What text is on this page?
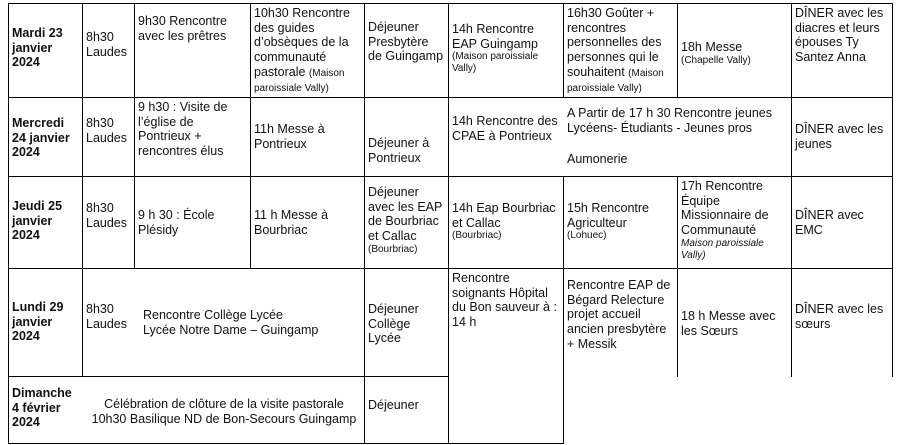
Mardi 23 janvier 2024
8h30 Laudes
9h30 Rencontre avec les prêtres
10h30 Rencontre des guides d’obsèques de la communauté pastorale (Maison paroissiale Vally)
Déjeuner Presbytère de Guingamp
14h Rencontre EAP Guingamp
(Maison paroissiale Vally)
16h30 Goûter + rencontres personnelles des personnes qui le souhaitent (Maison paroissiale Vally)
18h Messe
(Chapelle Vally)
DÎNER avec les diacres et leurs épouses Ty Santez Anna
Mercredi 24 janvier 2024
8h30 Laudes
9 h30 : Visite de l’église de Pontrieux + rencontres élus
11h Messe à Pontrieux	Déjeuner à Pontrieux
14h Rencontre des CPAE à Pontrieux
A Partir de 17 h 30 Rencontre jeunes Lycéens- Étudiants - Jeunes pros
Aumonerie
DÎNER avec les jeunes
Jeudi 25 janvier 2024
8h30 Laudes
9 h 30 : École Plésidy
11 h Messe à Bourbriac
Déjeuner avec les EAP de Bourbriac et Callac
(Bourbriac)
14h Eap Bourbriac et Callac
(Bourbriac)
15h Rencontre Agriculteur
(Lohuec)
17h Rencontre Équipe Missionnaire de Communauté
Maison paroissiale Vally)
DÎNER avec EMC
Lundi 29 janvier 2024
8h30 Laudes
Rencontre Collège Lycée
Lycée Notre Dame – Guingamp
Déjeuner Collège Lycée
Rencontre soignants Hôpital du Bon sauveur à : 14 h
Rencontre EAP de Bégard Relecture projet accueil ancien presbytère + Messik
18 h Messe avec les Sœurs
DÎNER avec les sœurs
Dimanche 4 février 2024
Célébration de clôture de la visite pastorale
10h30 Basilique ND de Bon-Secours Guingamp
Déjeuner
